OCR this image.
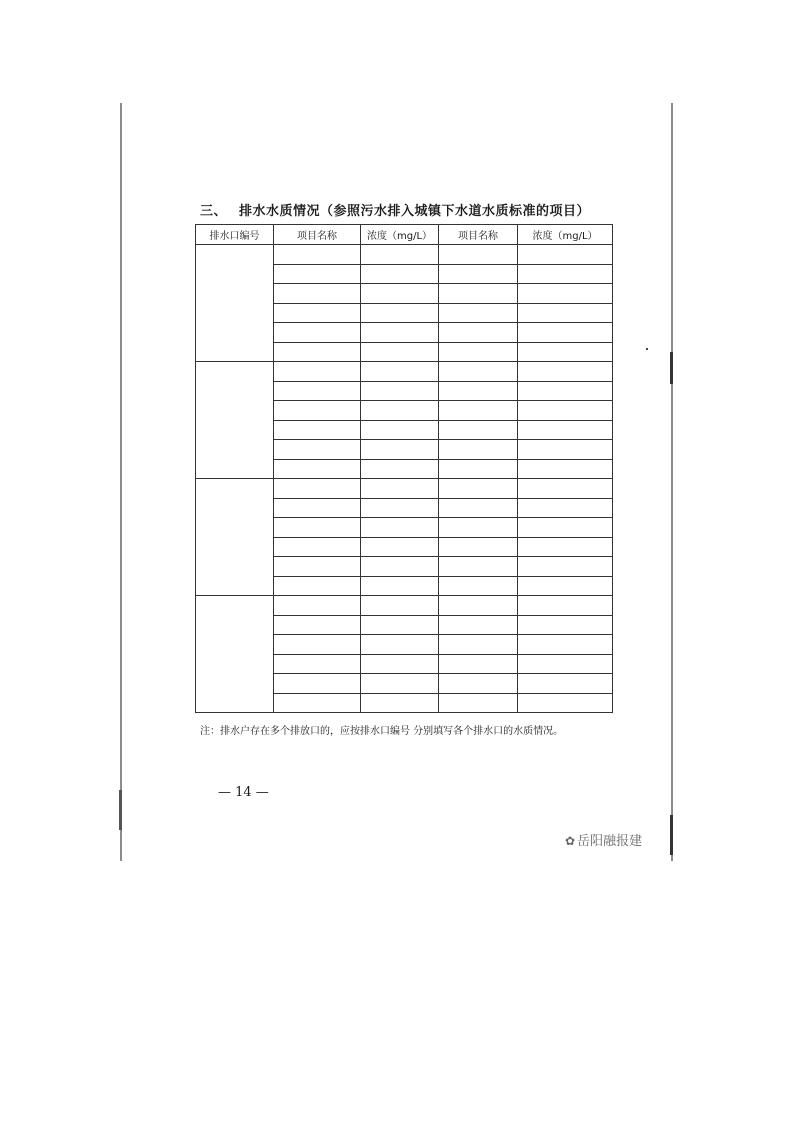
三、 排水水质情况（参照污水排入城镇下水道水质标准的项目）
排水口编号	项目名称	浓度（mg/L）	项目名称	浓度（mg/L）

注：排水户存在多个排放口的，应按排水口编号 分别填写各个排水口的水质情况。
— 14 —
✿ 岳阳融报建
